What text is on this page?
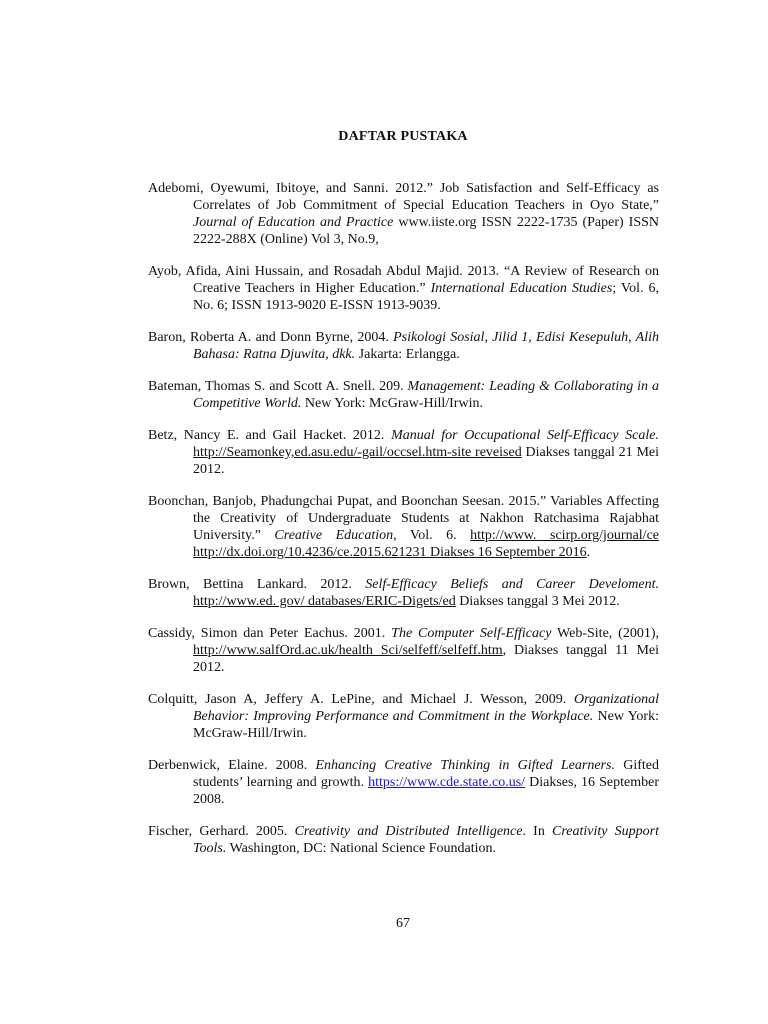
DAFTAR PUSTAKA

Adebomi, Oyewumi, Ibitoye, and Sanni. 2012.” Job Satisfaction and Self-Efficacy as Correlates of Job Commitment of Special Education Teachers in Oyo State,” Journal of Education and Practice www.iiste.org ISSN 2222-1735 (Paper) ISSN 2222-288X (Online) Vol 3, No.9,

Ayob, Afida, Aini Hussain, and Rosadah Abdul Majid. 2013. “A Review of Research on Creative Teachers in Higher Education.” International Education Studies; Vol. 6, No. 6; ISSN 1913-9020 E-ISSN 1913-9039.

Baron, Roberta A. and Donn Byrne, 2004. Psikologi Sosial, Jilid 1, Edisi Kesepuluh, Alih Bahasa: Ratna Djuwita, dkk. Jakarta: Erlangga.

Bateman, Thomas S. and Scott A. Snell. 209. Management: Leading & Collaborating in a Competitive World. New York: McGraw-Hill/Irwin.

Betz, Nancy E. and Gail Hacket. 2012. Manual for Occupational Self-Efficacy Scale. http://Seamonkey,ed.asu.edu/-gail/occsel.htm-site reveised Diakses tanggal 21 Mei 2012.

Boonchan, Banjob, Phadungchai Pupat, and Boonchan Seesan. 2015.” Variables Affecting the Creativity of Undergraduate Students at Nakhon Ratchasima Rajabhat University.” Creative Education, Vol. 6. http://www. scirp.org/journal/ce http://dx.doi.org/10.4236/ce.2015.621231 Diakses 16 September 2016.

Brown, Bettina Lankard. 2012. Self-Efficacy Beliefs and Career Develoment. http://www.ed. gov/ databases/ERIC-Digets/ed Diakses tanggal 3 Mei 2012.

Cassidy, Simon dan Peter Eachus. 2001. The Computer Self-Efficacy Web-Site, (2001), http://www.salfOrd.ac.uk/health Sci/selfeff/selfeff.htm, Diakses tanggal 11 Mei 2012.

Colquitt, Jason A, Jeffery A. LePine, and Michael J. Wesson, 2009. Organizational Behavior: Improving Performance and Commitment in the Workplace. New York: McGraw-Hill/Irwin.

Derbenwick, Elaine. 2008. Enhancing Creative Thinking in Gifted Learners. Gifted students’ learning and growth. https://www.cde.state.co.us/ Diakses, 16 September 2008.

Fischer, Gerhard. 2005. Creativity and Distributed Intelligence. In Creativity Support Tools. Washington, DC: National Science Foundation.

67
